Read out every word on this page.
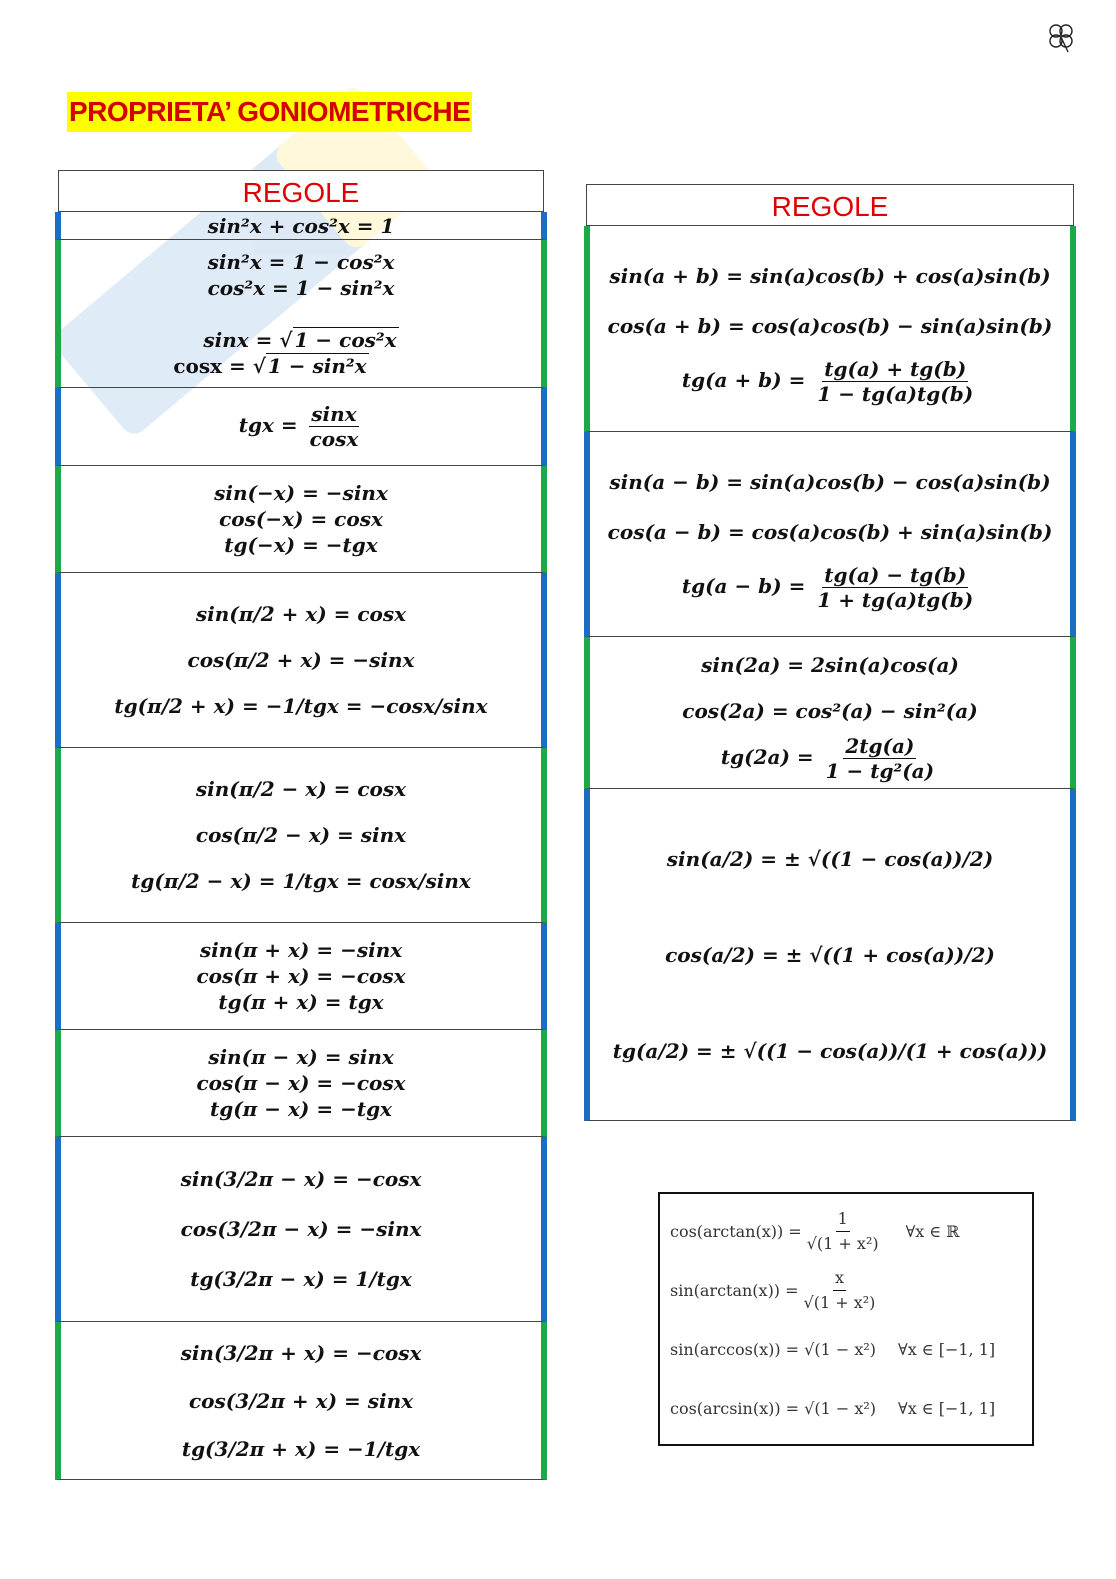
PROPRIETA’ GONIOMETRICHE
REGOLE
sin²x + cos²x = 1
sin²x = 1 − cos²x
cos²x = 1 − sin²x
sinx = √ 1 − cos²x
cosx = √ 1 − sin²x
tgx = $\frac{\sin x}{\cos x}$
sin(−x) = −sinx
cos(−x) = cosx
tg(−x) = −tgx
sin(π/2 + x) = cosx
cos(π/2 + x) = −sinx
tg(π/2 + x) = −1/tgx = −cosx/sinx
sin(π/2 − x) = cosx
cos(π/2 − x) = sinx
tg(π/2 − x) = 1/tgx = cosx/sinx
sin(π + x) = −sinx
cos(π + x) = −cosx
tg(π + x) = tgx
sin(π − x) = sinx
cos(π − x) = −cosx
tg(π − x) = −tgx
sin(3/2π − x) = −cosx
cos(3/2π − x) = −sinx
tg(3/2π − x) = 1/tgx
sin(3/2π + x) = −cosx
cos(3/2π + x) = sinx
tg(3/2π + x) = −1/tgx
REGOLE
sin(a + b) = sin(a)cos(b) + cos(a)sin(b)
cos(a + b) = cos(a)cos(b) − sin(a)sin(b)
$tg(a + b) = \frac{tg(a) + tg(b)}{1 - tg(a)tg(b)}$
sin(a − b) = sin(a)cos(b) − cos(a)sin(b)
cos(a − b) = cos(a)cos(b) + sin(a)sin(b)
$tg(a - b) = \frac{tg(a) - tg(b)}{1 + tg(a)tg(b)}$
sin(2a) = 2sin(a)cos(a)
cos(2a) = cos²(a) − sin²(a)
$tg(2a) = \frac{2tg(a)}{\text{1 − tg²(a)}}$
sin(a/2) = ± √((1 − cos(a))/2)
cos(a/2) = ± √((1 + cos(a))/2)
tg(a/2) = ± √((1 − cos(a))/(1 + cos(a)))
$\cos(\arctan(x)) = \frac{1}{\text{√(1 + x²)}}$ ∀x ∈ ℝ
$\sin(\arctan(x)) = \frac{x}{\text{√(1 + x²)}}$
sin(arccos(x)) = √(1 − x²) ∀x ∈ [−1, 1]
cos(arcsin(x)) = √(1 − x²) ∀x ∈ [−1, 1]
